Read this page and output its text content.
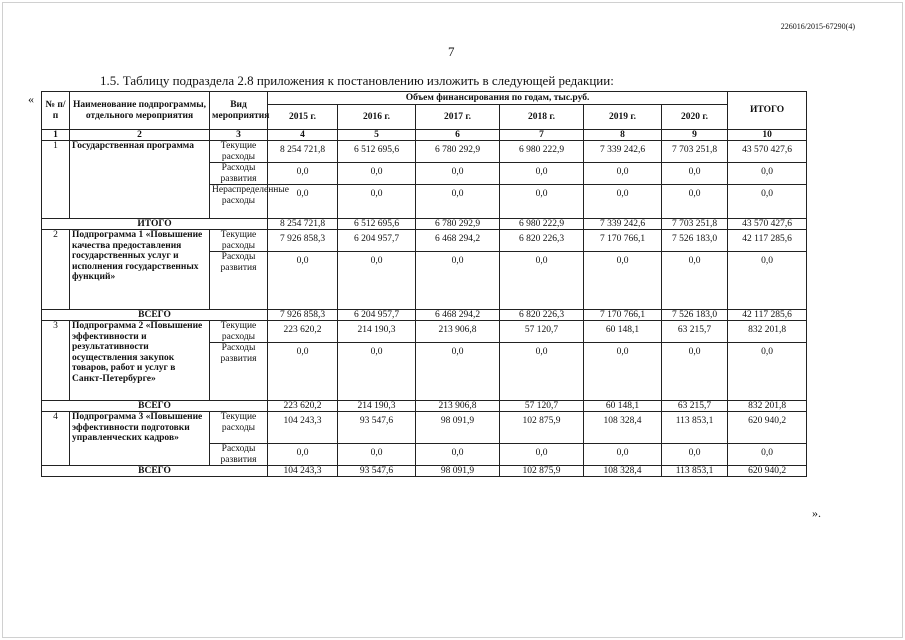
226016/2015-67290(4)
7
1.5. Таблицу подраздела 2.8 приложения к постановлению изложить в следующей редакции:
«
».
№ п/п	Наименование подпрограммы, отдельного мероприятия	Вид мероприятия	Объем финансирования по годам, тыс.руб.						ИТОГО
			2015 г.	2016 г.	2017 г.	2018 г.	2019 г.	2020 г.	
1	2	3	4	5	6	7	8	9	10
1	Государственная программа	Текущие расходы	8 254 721,8	6 512 695,6	6 780 292,9	6 980 222,9	7 339 242,6	7 703 251,8	43 570 427,6
		Расходы развития	0,0	0,0	0,0	0,0	0,0	0,0	0,0
		Нераспределенные расходы	0,0	0,0	0,0	0,0	0,0	0,0	0,0
ИТОГО			8 254 721,8	6 512 695,6	6 780 292,9	6 980 222,9	7 339 242,6	7 703 251,8	43 570 427,6
2	Подпрограмма 1 «Повышение качества предоставления государственных услуг и исполнения государственных функций»	Текущие расходы	7 926 858,3	6 204 957,7	6 468 294,2	6 820 226,3	7 170 766,1	7 526 183,0	42 117 285,6
		Расходы развития	0,0	0,0	0,0	0,0	0,0	0,0	0,0
ВСЕГО			7 926 858,3	6 204 957,7	6 468 294,2	6 820 226,3	7 170 766,1	7 526 183,0	42 117 285,6
3	Подпрограмма 2 «Повышение эффективности и результативности осуществления закупок товаров, работ и услуг в Санкт-Петербурге»	Текущие расходы	223 620,2	214 190,3	213 906,8	57 120,7	60 148,1	63 215,7	832 201,8
		Расходы развития	0,0	0,0	0,0	0,0	0,0	0,0	0,0
ВСЕГО			223 620,2	214 190,3	213 906,8	57 120,7	60 148,1	63 215,7	832 201,8
4	Подпрограмма 3 «Повышение эффективности подготовки управленческих кадров»	Текущие расходы	104 243,3	93 547,6	98 091,9	102 875,9	108 328,4	113 853,1	620 940,2
		Расходы развития	0,0	0,0	0,0	0,0	0,0	0,0	0,0
ВСЕГО			104 243,3	93 547,6	98 091,9	102 875,9	108 328,4	113 853,1	620 940,2
